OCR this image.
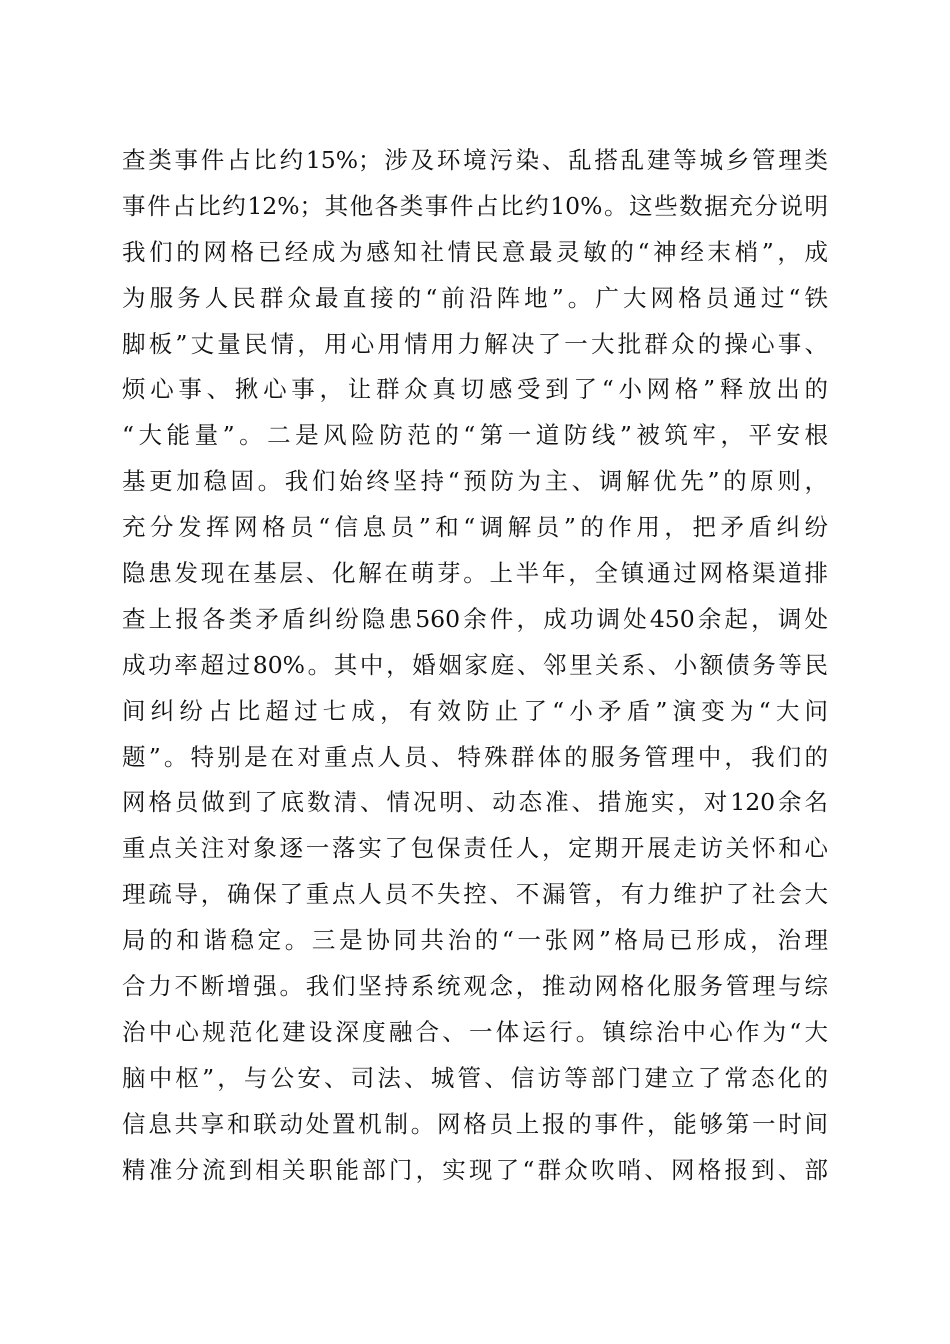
查类事件占比约15%；涉及环境污染、乱搭乱建等城乡管理类
事件占比约12%；其他各类事件占比约10%。这些数据充分说明
我们的网格已经成为感知社情民意最灵敏的“神经末梢”，成
为服务人民群众最直接的“前沿阵地”。广大网格员通过“铁
脚板”丈量民情，用心用情用力解决了一大批群众的操心事、
烦心事、揪心事，让群众真切感受到了“小网格”释放出的
“大能量”。二是风险防范的“第一道防线”被筑牢，平安根
基更加稳固。我们始终坚持“预防为主、调解优先”的原则，
充分发挥网格员“信息员”和“调解员”的作用，把矛盾纠纷
隐患发现在基层、化解在萌芽。上半年，全镇通过网格渠道排
查上报各类矛盾纠纷隐患560余件，成功调处450余起，调处
成功率超过80%。其中，婚姻家庭、邻里关系、小额债务等民
间纠纷占比超过七成，有效防止了“小矛盾”演变为“大问
题”。特别是在对重点人员、特殊群体的服务管理中，我们的
网格员做到了底数清、情况明、动态准、措施实，对120余名
重点关注对象逐一落实了包保责任人，定期开展走访关怀和心
理疏导，确保了重点人员不失控、不漏管，有力维护了社会大
局的和谐稳定。三是协同共治的“一张网”格局已形成，治理
合力不断增强。我们坚持系统观念，推动网格化服务管理与综
治中心规范化建设深度融合、一体运行。镇综治中心作为“大
脑中枢”，与公安、司法、城管、信访等部门建立了常态化的
信息共享和联动处置机制。网格员上报的事件，能够第一时间
精准分流到相关职能部门，实现了“群众吹哨、网格报到、部
